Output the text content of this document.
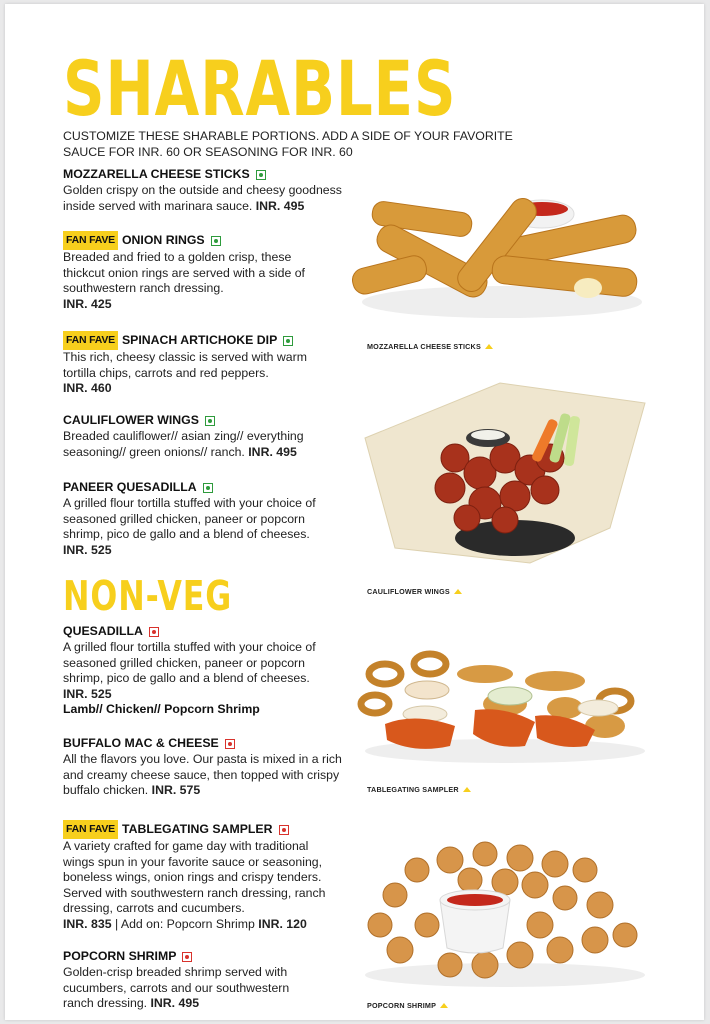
SHARABLES

CUSTOMIZE THESE SHARABLE PORTIONS. ADD A SIDE OF YOUR FAVORITE SAUCE FOR INR. 60 OR SEASONING FOR INR. 60

MOZZARELLA CHEESE STICKS

Golden crispy on the outside and cheesy goodness inside served with marinara sauce. INR. 495

FAN FAVE ONION RINGS

Breaded and fried to a golden crisp, these thickcut onion rings are served with a side of southwestern ranch dressing.

INR. 425

FAN FAVE SPINACH ARTICHOKE DIP

This rich, cheesy classic is served with warm tortilla chips, carrots and red peppers.

INR. 460

CAULIFLOWER WINGS

Breaded cauliflower// asian zing// everything seasoning// green onions// ranch. INR. 495

PANEER QUESADILLA

A grilled flour tortilla stuffed with your choice of seasoned grilled chicken, paneer or popcorn shrimp, pico de gallo and a blend of cheeses.

INR. 525

NON-VEG
QUESADILLA

A grilled flour tortilla stuffed with your choice of seasoned grilled chicken, paneer or popcorn shrimp, pico de gallo and a blend of cheeses.

INR. 525

Lamb// Chicken// Popcorn Shrimp

BUFFALO MAC & CHEESE

All the flavors you love. Our pasta is mixed in a rich and creamy cheese sauce, then topped with crispy buffalo chicken. INR. 575

FAN FAVE TABLEGATING SAMPLER

A variety crafted for game day with traditional wings spun in your favorite sauce or seasoning, boneless wings, onion rings and crispy tenders. Served with southwestern ranch dressing, ranch dressing, carrots and cucumbers.

INR. 835 | Add on: Popcorn Shrimp INR. 120

POPCORN SHRIMP

Golden-crisp breaded shrimp served with cucumbers, carrots and our southwestern ranch dressing. INR. 495

MOZZARELLA CHEESE STICKS
CAULIFLOWER WINGS
TABLEGATING SAMPLER
POPCORN SHRIMP
